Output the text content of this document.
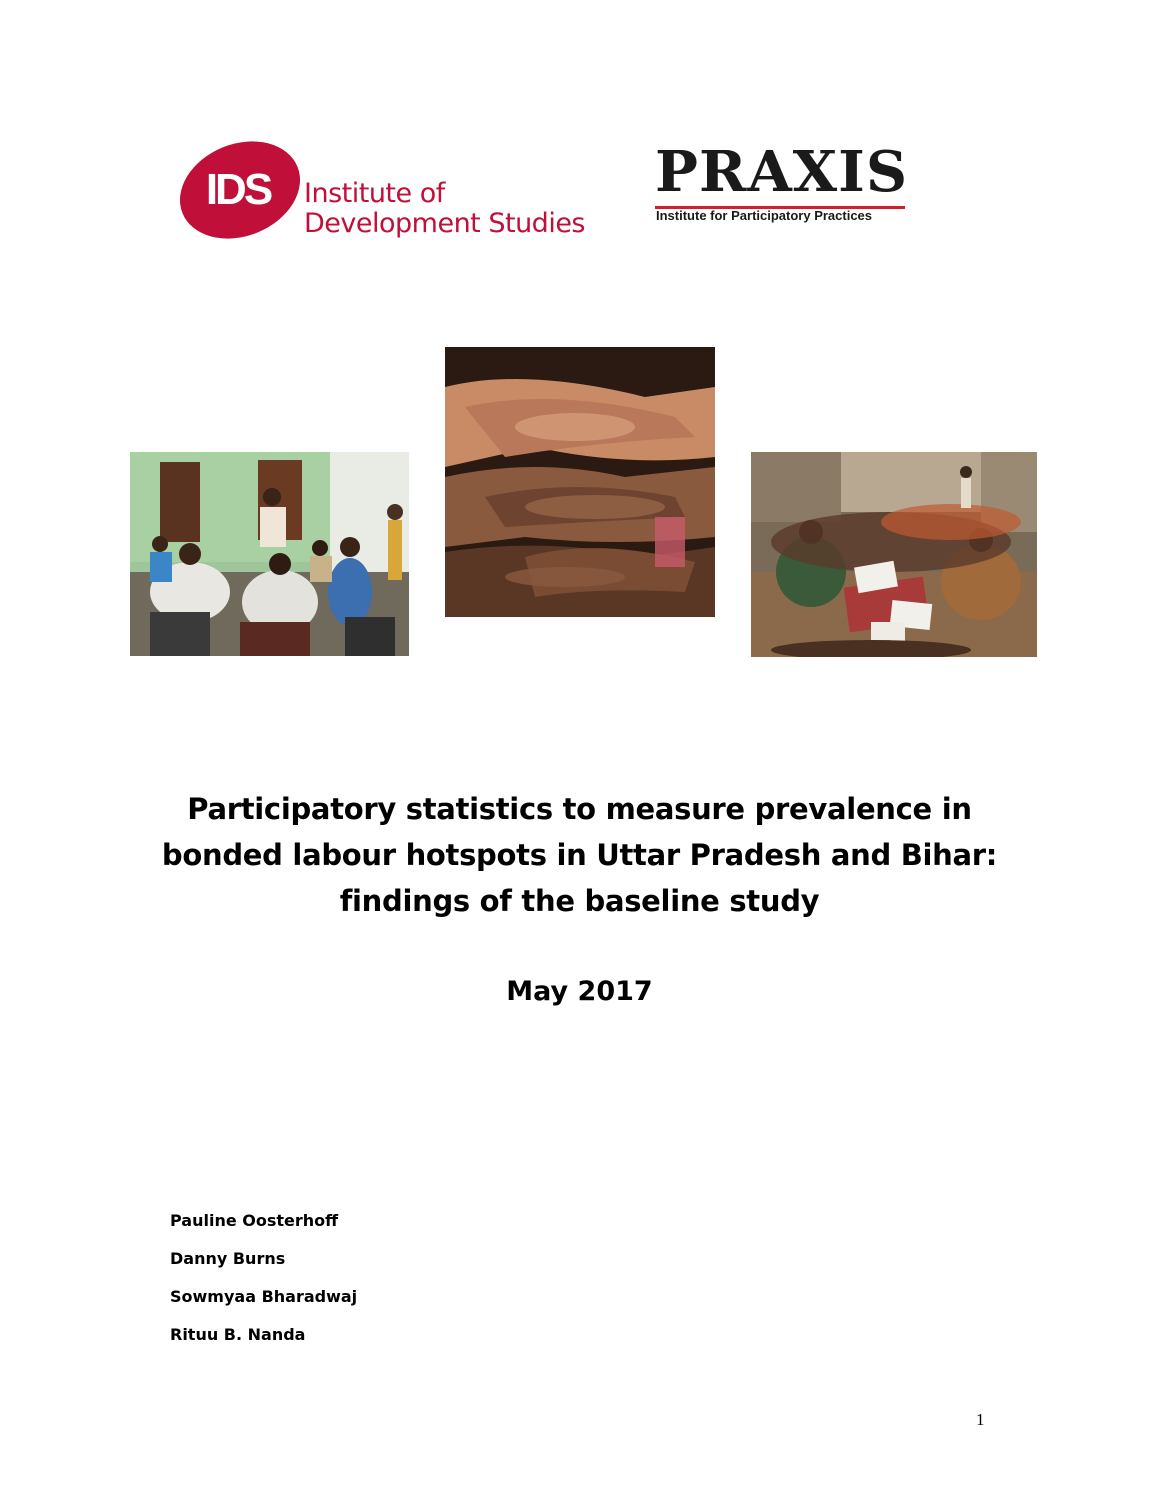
IDS Institute of
Development Studies
PRAXIS
Institute for Participatory Practices
Participatory statistics to measure prevalence in
bonded labour hotspots in Uttar Pradesh and Bihar:
findings of the baseline study
May 2017
Pauline Oosterhoff
Danny Burns
Sowmyaa Bharadwaj
Rituu B. Nanda
1
